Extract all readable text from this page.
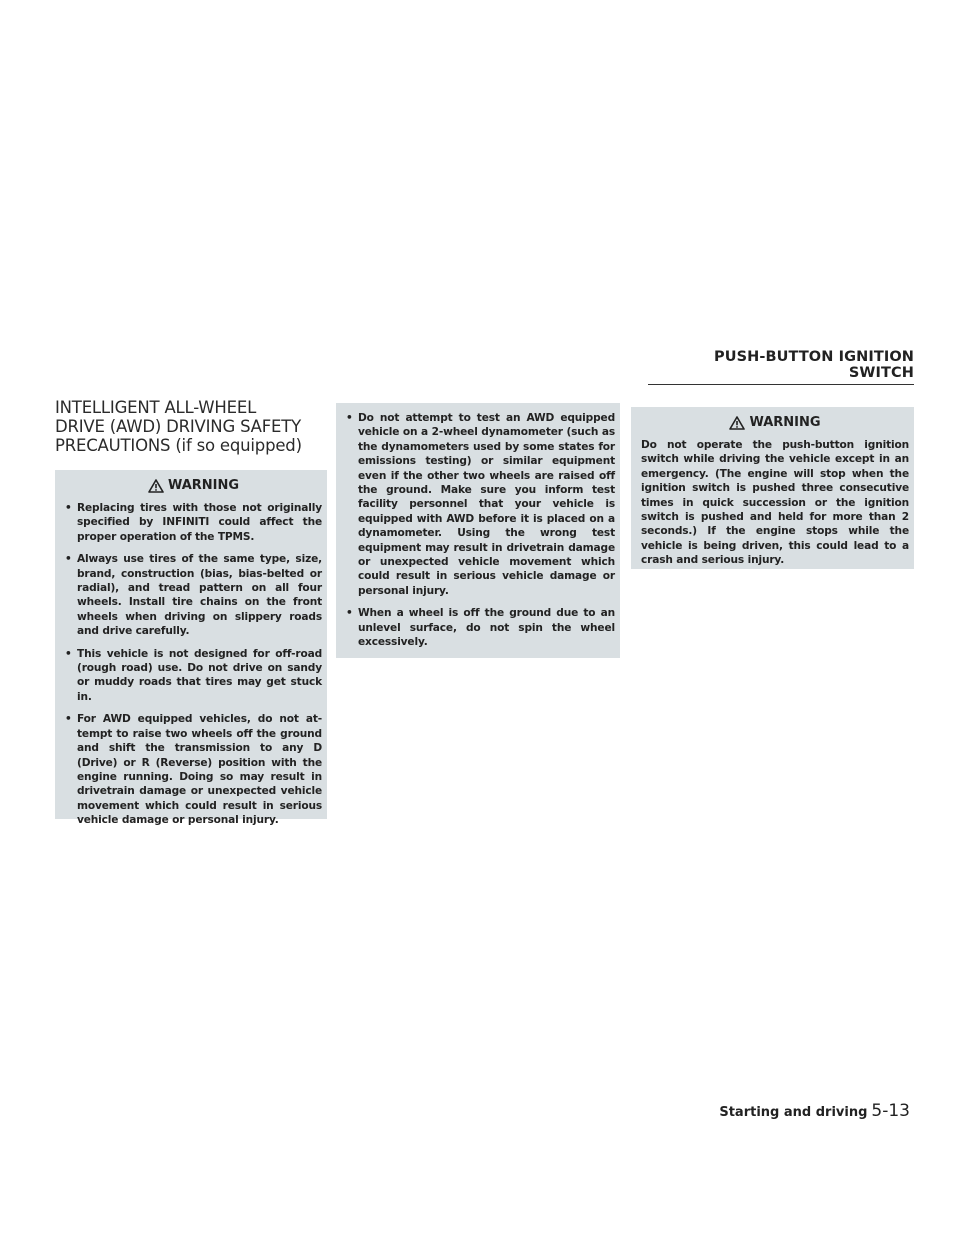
PUSH-BUTTON IGNITION SWITCH
INTELLIGENT ALL-WHEEL
DRIVE (AWD) DRIVING SAFETY
PRECAUTIONS (if so equipped)
WARNING
• Replacing tires with those not originally specified by INFINITI could affect the proper operation of the TPMS.
• Always use tires of the same type, size, brand, construction (bias, bias-belted or radial), and tread pattern on all four wheels. Install tire chains on the front wheels when driving on slippery roads and drive carefully.
• This vehicle is not designed for off-road (rough road) use. Do not drive on sandy or muddy roads that tires may get stuck in.
• For AWD equipped vehicles, do not at-tempt to raise two wheels off the ground and shift the transmission to any D (Drive) or R (Reverse) position with the engine running. Doing so may result in drivetrain damage or unexpected vehicle movement which could result in serious vehicle damage or personal injury.
• Do not attempt to test an AWD equipped vehicle on a 2-wheel dynamometer (such as the dynamometers used by some states for emissions testing) or similar equipment even if the other two wheels are raised off the ground. Make sure you inform test facility personnel that your vehicle is equipped with AWD before it is placed on a dynamometer. Using the wrong test equipment may result in drivetrain damage or unexpected vehicle movement which could result in serious vehicle damage or personal injury.
• When a wheel is off the ground due to an unlevel surface, do not spin the wheel excessively.
WARNING

Do not operate the push-button ignition switch while driving the vehicle except in an emergency. (The engine will stop when the ignition switch is pushed three consecutive times in quick succession or the ignition switch is pushed and held for more than 2 seconds.) If the engine stops while the vehicle is being driven, this could lead to a crash and serious injury.

Starting and driving 5-13
